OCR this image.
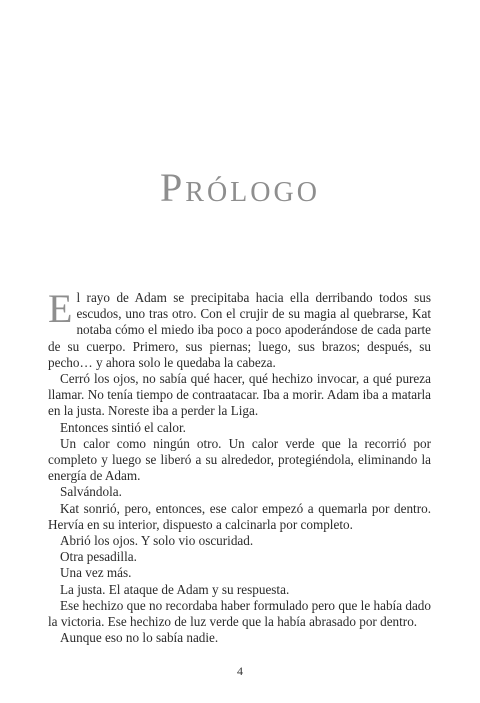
Prólogo

El rayo de Adam se precipitaba hacia ella derribando todos sus escudos, uno tras otro. Con el crujir de su magia al quebrarse, Kat notaba cómo el miedo iba poco a poco apoderándose de cada parte de su cuerpo. Primero, sus piernas; luego, sus brazos; después, su pecho… y ahora solo le quedaba la cabeza.

Cerró los ojos, no sabía qué hacer, qué hechizo invocar, a qué pureza llamar. No tenía tiempo de contraatacar. Iba a morir. Adam iba a matarla en la justa. Noreste iba a perder la Liga.

Entonces sintió el calor.

Un calor como ningún otro. Un calor verde que la recorrió por completo y luego se liberó a su alrededor, protegiéndola, eliminando la energía de Adam.

Salvándola.

Kat sonrió, pero, entonces, ese calor empezó a quemarla por dentro. Hervía en su interior, dispuesto a calcinarla por completo.

Abrió los ojos. Y solo vio oscuridad.

Otra pesadilla.

Una vez más.

La justa. El ataque de Adam y su respuesta.

Ese hechizo que no recordaba haber formulado pero que le había dado la victoria. Ese hechizo de luz verde que la había abrasado por dentro.

Aunque eso no lo sabía nadie.

4
